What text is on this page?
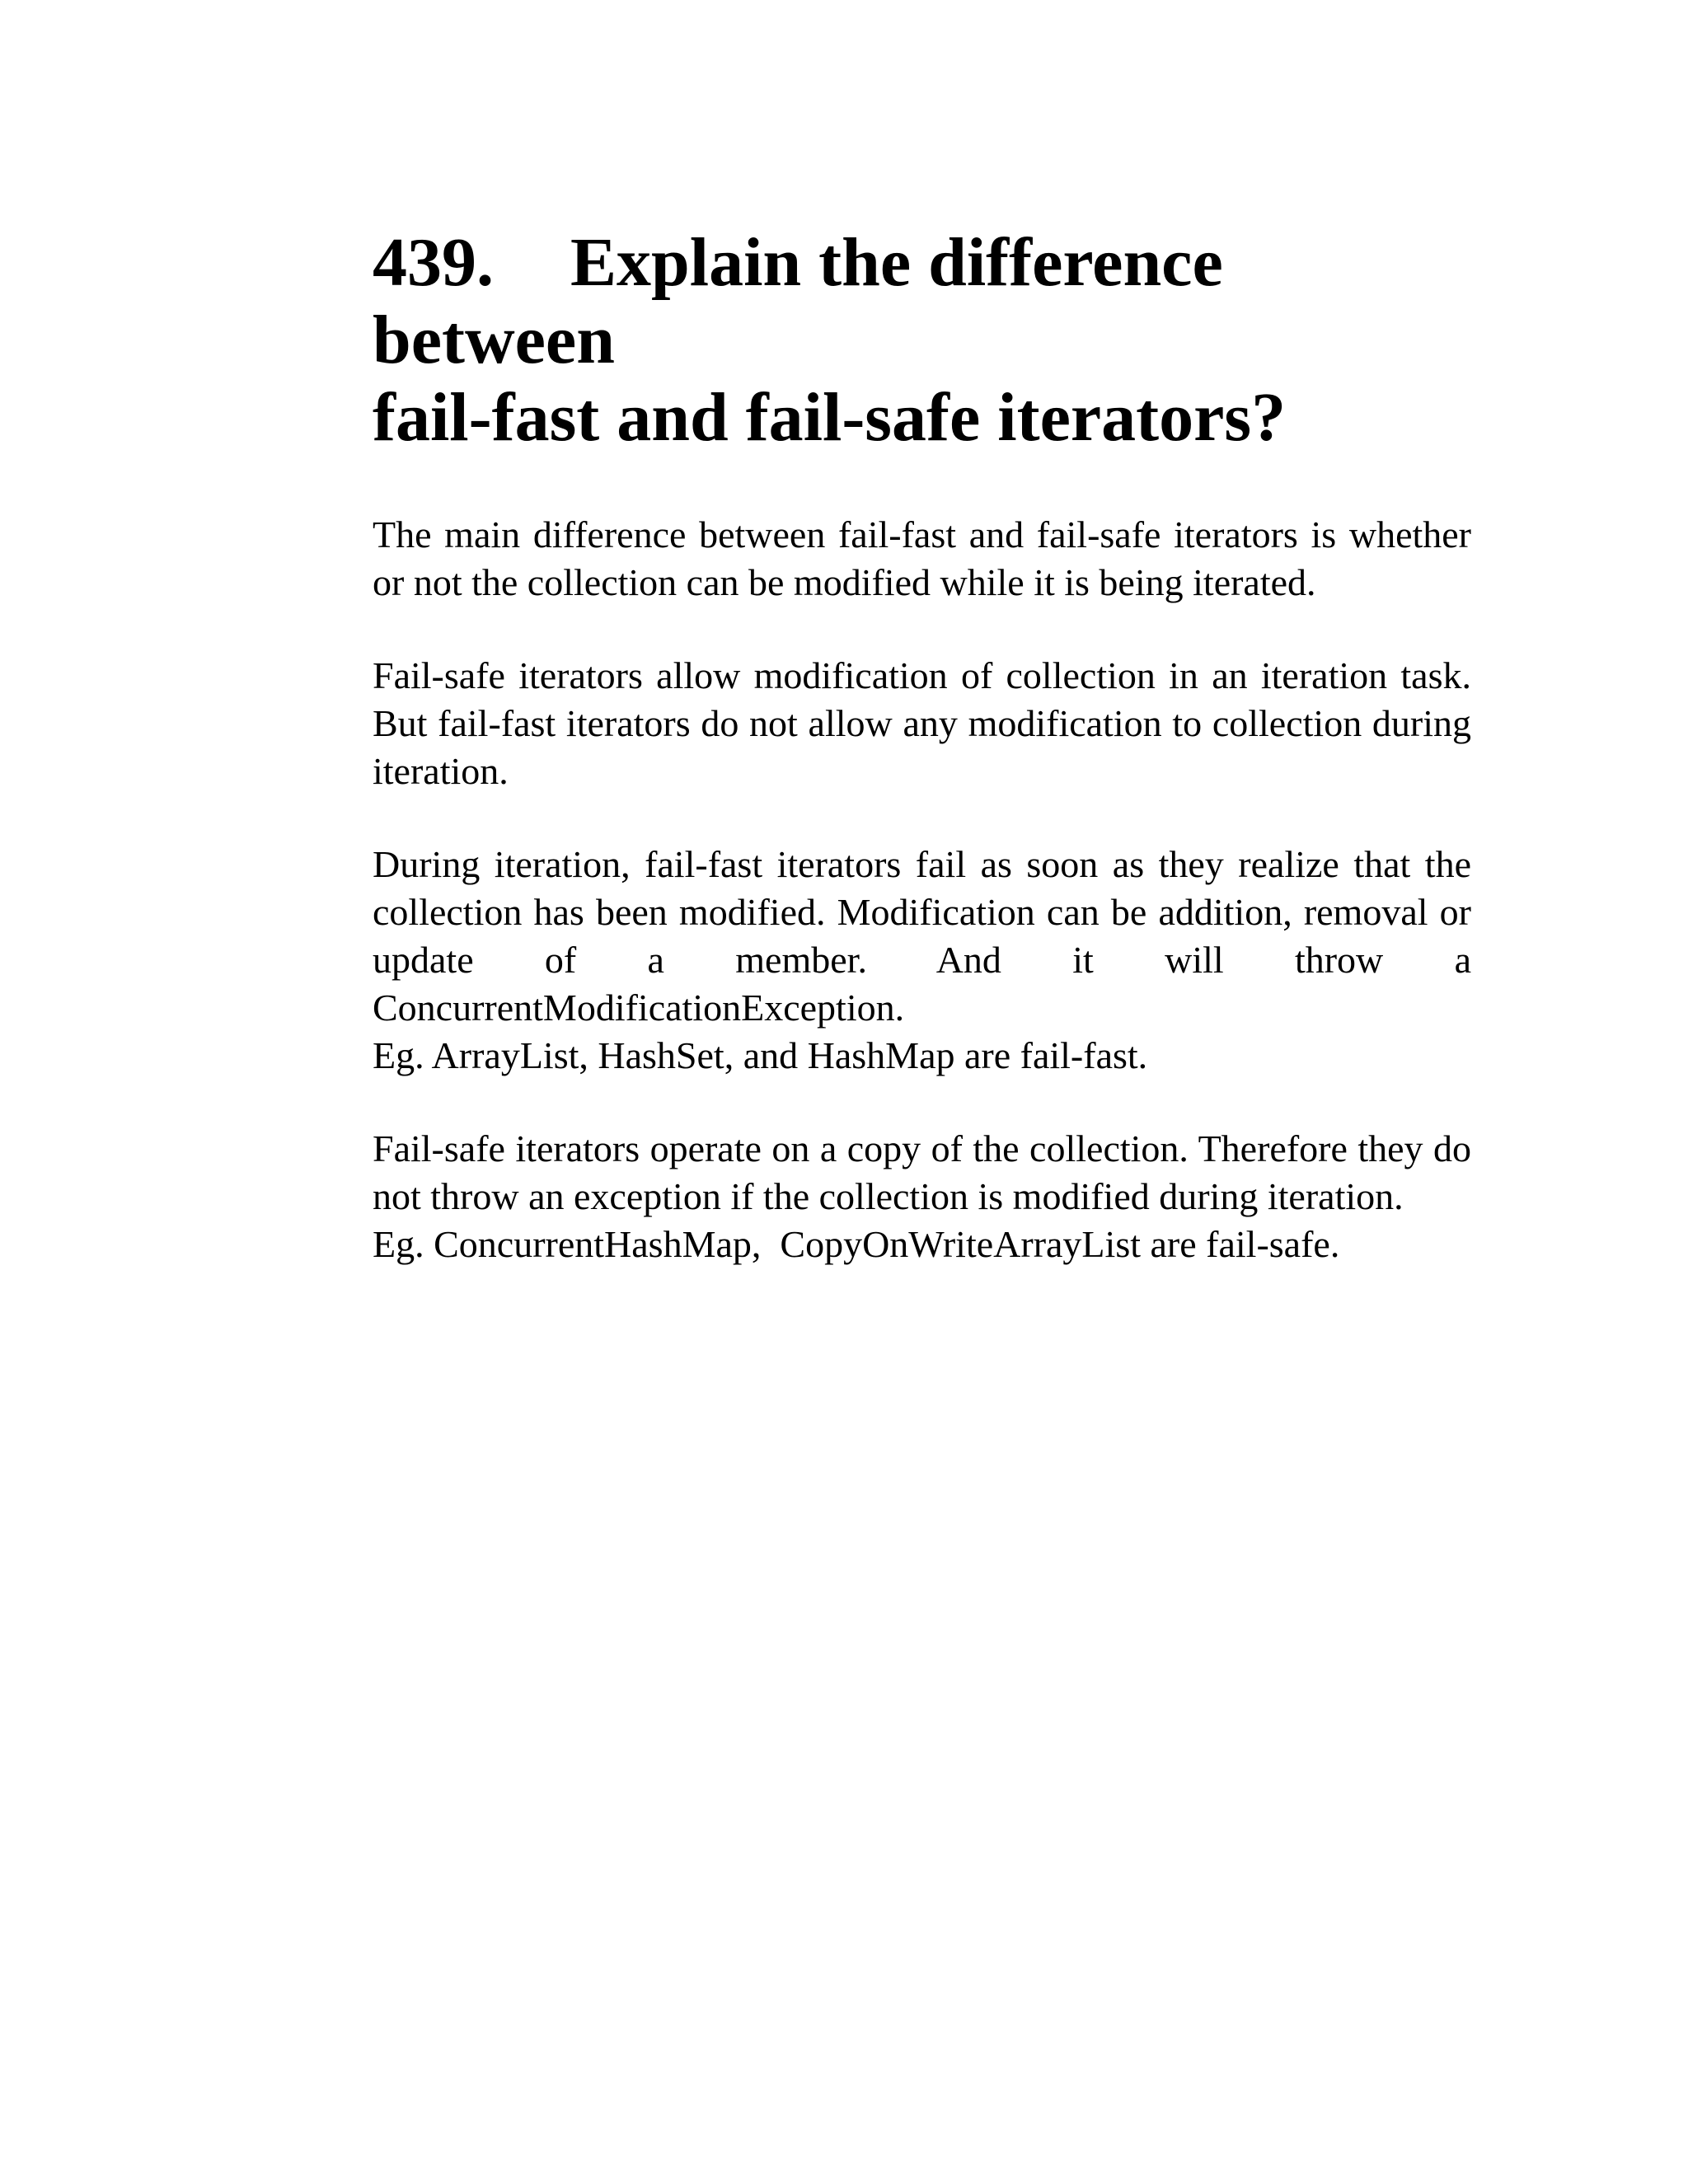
439. Explain the difference between
fail-fast and fail-safe iterators?

The main difference between fail-fast and fail-safe iterators is whether or not the collection can be modified while it is being iterated.

Fail-safe iterators allow modification of collection in an iteration task. But fail-fast iterators do not allow any modification to collection during iteration.

During iteration, fail-fast iterators fail as soon as they realize that the collection has been modified. Modification can be addition, removal or update of a member. And it will throw a ConcurrentModificationException.

Eg. ArrayList, HashSet, and HashMap are fail-fast.

Fail-safe iterators operate on a copy of the collection. Therefore they do not throw an exception if the collection is modified during iteration.

Eg. ConcurrentHashMap,  CopyOnWriteArrayList are fail-safe.
